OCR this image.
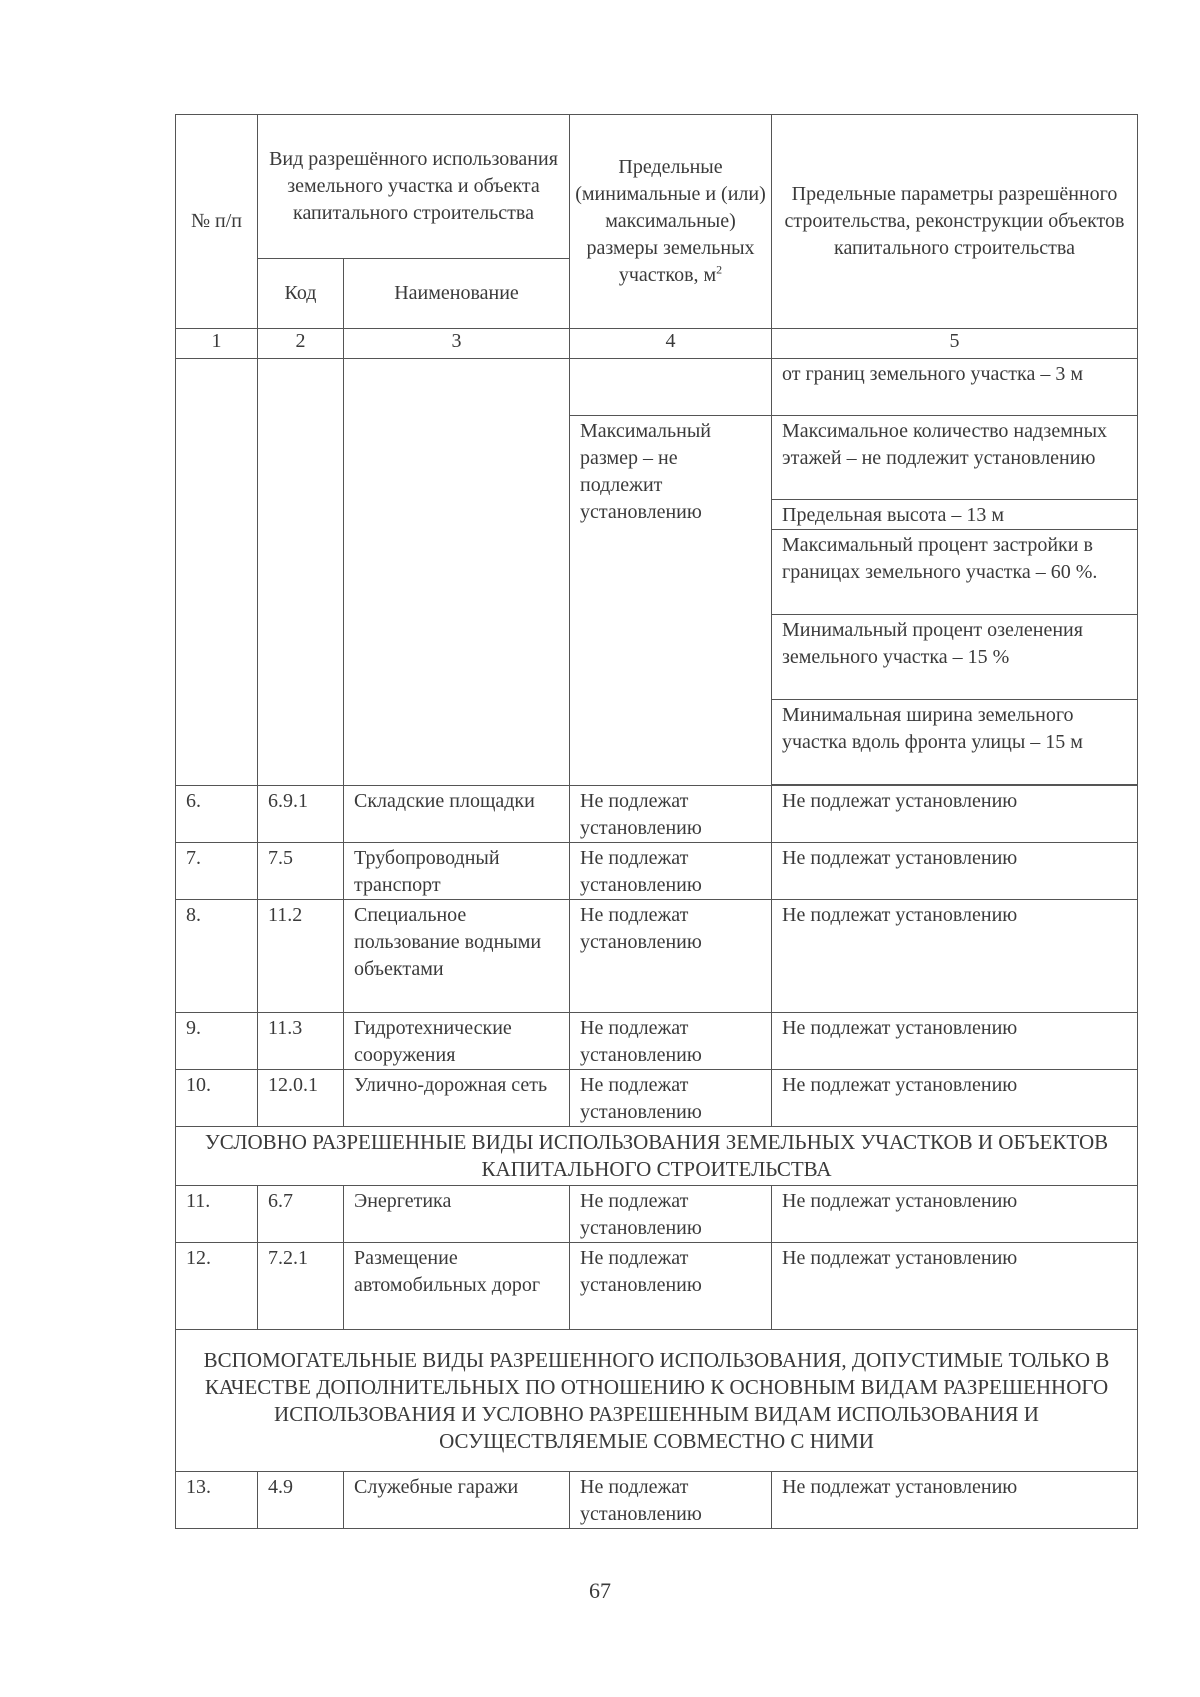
№ п/п	Вид разрешённого использования земельного участка и объекта капитального строительства		Предельные (минимальные и (или) максимальные) размеры земельных участков, $м^2$	Предельные параметры разрешённого строительства, реконструкции объектов капитального строительства
	Код	Наименование		
1	2	3	4	5
				от границ земельного участка – 3 м
			Максимальный размер – не подлежит установлению	Максимальное количество надземных этажей – не подлежит установлению
				Предельная высота – 13 м
				Максимальный процент застройки в границах земельного участка – 60 %.
				Минимальный процент озеленения земельного участка – 15 %
				Минимальная ширина земельного участка вдоль фронта улицы – 15 м

6.	6.9.1	Складские площадки	Не подлежат установлению	Не подлежат установлению
7.	7.5	Трубопроводный транспорт	Не подлежат установлению	Не подлежат установлению
8.	11.2	Специальное пользование водными объектами	Не подлежат установлению	Не подлежат установлению
9.	11.3	Гидротехнические сооружения	Не подлежат установлению	Не подлежат установлению
10.	12.0.1	Улично-дорожная сеть	Не подлежат установлению	Не подлежат установлению
УСЛОВНО РАЗРЕШЕННЫЕ ВИДЫ ИСПОЛЬЗОВАНИЯ ЗЕМЕЛЬНЫХ УЧАСТКОВ И ОБЪЕКТОВ КАПИТАЛЬНОГО СТРОИТЕЛЬСТВА				
11.	6.7	Энергетика	Не подлежат установлению	Не подлежат установлению
12.	7.2.1	Размещение автомобильных дорог	Не подлежат установлению	Не подлежат установлению
ВСПОМОГАТЕЛЬНЫЕ ВИДЫ РАЗРЕШЕННОГО ИСПОЛЬЗОВАНИЯ, ДОПУСТИМЫЕ ТОЛЬКО В КАЧЕСТВЕ ДОПОЛНИТЕЛЬНЫХ ПО ОТНОШЕНИЮ К ОСНОВНЫМ ВИДАМ РАЗРЕШЕННОГО ИСПОЛЬЗОВАНИЯ И УСЛОВНО РАЗРЕШЕННЫМ ВИДАМ ИСПОЛЬЗОВАНИЯ И ОСУЩЕСТВЛЯЕМЫЕ СОВМЕСТНО С НИМИ				
13.	4.9	Служебные гаражи	Не подлежат установлению	Не подлежат установлению
67
